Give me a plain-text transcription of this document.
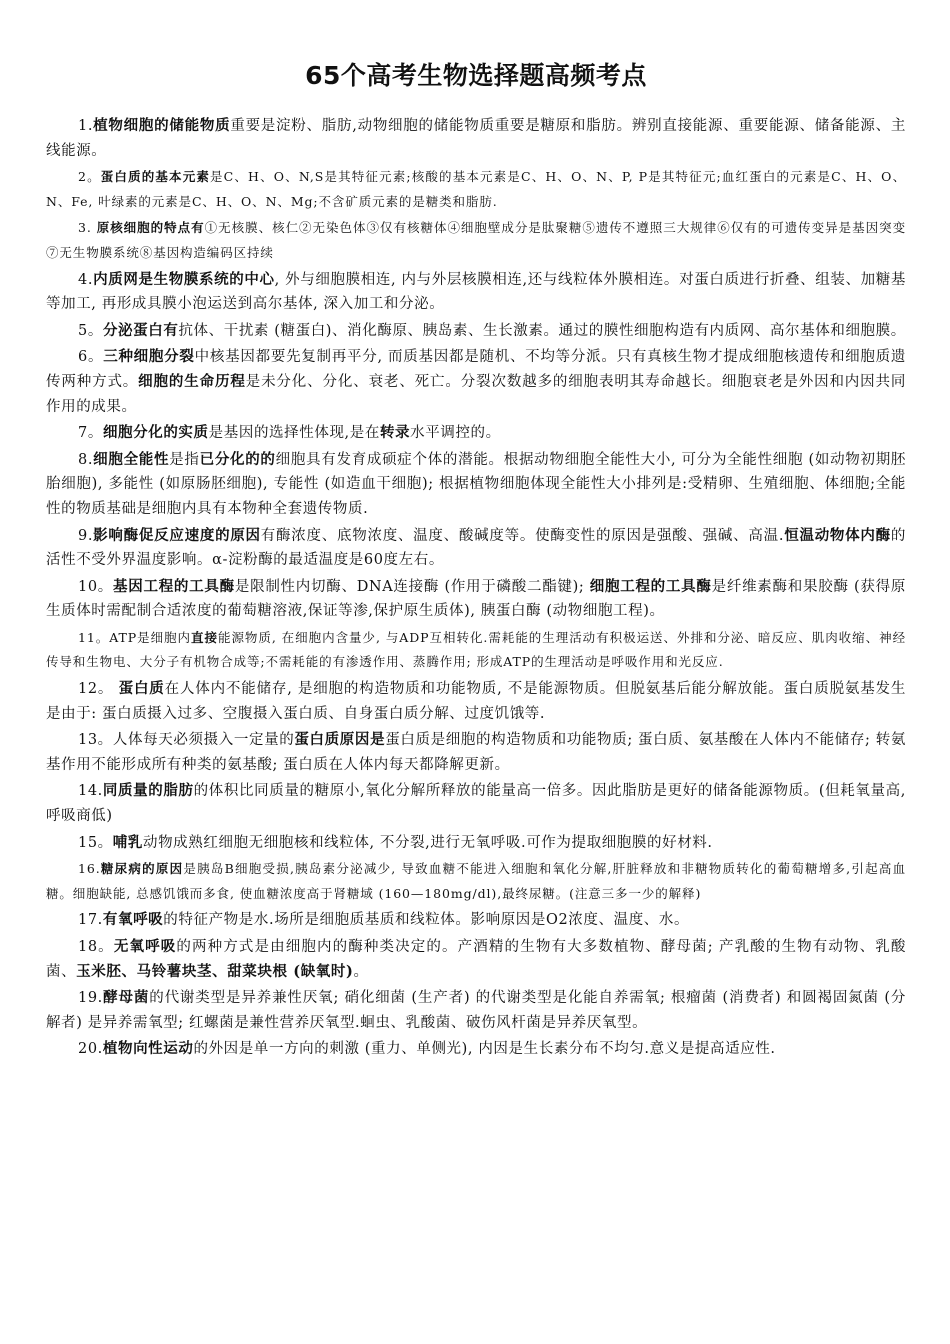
65个高考生物选择题高频考点

1.植物细胞的储能物质重要是淀粉、脂肪,动物细胞的储能物质重要是糖原和脂肪。辨别直接能源、重要能源、储备能源、主线能源。

2。蛋白质的基本元素是C、H、O、N,S是其特征元素;核酸的基本元素是C、H、O、N、P, P是其特征元;血红蛋白的元素是C、H、O、N、Fe, 叶绿素的元素是C、H、O、N、Mg;不含矿质元素的是糖类和脂肪.

3. 原核细胞的特点有①无核膜、核仁②无染色体③仅有核糖体④细胞壁成分是肽聚糖⑤遗传不遵照三大规律⑥仅有的可遗传变异是基因突变⑦无生物膜系统⑧基因构造编码区持续

4.内质网是生物膜系统的中心, 外与细胞膜相连, 内与外层核膜相连,还与线粒体外膜相连。对蛋白质进行折叠、组装、加糖基等加工, 再形成具膜小泡运送到高尔基体, 深入加工和分泌。

5。分泌蛋白有抗体、干扰素 (糖蛋白)、消化酶原、胰岛素、生长激素。通过的膜性细胞构造有内质网、高尔基体和细胞膜。

6。三种细胞分裂中核基因都要先复制再平分, 而质基因都是随机、不均等分派。只有真核生物才提成细胞核遗传和细胞质遗传两种方式。细胞的生命历程是未分化、分化、衰老、死亡。分裂次数越多的细胞表明其寿命越长。细胞衰老是外因和内因共同作用的成果。

7。细胞分化的实质是基因的选择性体现,是在转录水平调控的。

8.细胞全能性是指已分化的的细胞具有发育成硕症个体的潜能。根据动物细胞全能性大小, 可分为全能性细胞 (如动物初期胚胎细胞), 多能性 (如原肠胚细胞), 专能性 (如造血干细胞); 根据植物细胞体现全能性大小排列是:受精卵、生殖细胞、体细胞;全能性的物质基础是细胞内具有本物种全套遗传物质.

9.影响酶促反应速度的原因有酶浓度、底物浓度、温度、酸碱度等。使酶变性的原因是强酸、强碱、高温.恒温动物体内酶的活性不受外界温度影响。α-淀粉酶的最适温度是60度左右。

10。基因工程的工具酶是限制性内切酶、DNA连接酶 (作用于磷酸二酯键); 细胞工程的工具酶是纤维素酶和果胶酶 (获得原生质体时需配制合适浓度的葡萄糖溶液,保证等渗,保护原生质体), 胰蛋白酶 (动物细胞工程)。

11。ATP是细胞内直接能源物质, 在细胞内含量少, 与ADP互相转化.需耗能的生理活动有积极运送、外排和分泌、暗反应、肌肉收缩、神经传导和生物电、大分子有机物合成等;不需耗能的有渗透作用、蒸腾作用; 形成ATP的生理活动是呼吸作用和光反应.

12。 蛋白质在人体内不能储存, 是细胞的构造物质和功能物质, 不是能源物质。但脱氨基后能分解放能。蛋白质脱氨基发生是由于: 蛋白质摄入过多、空腹摄入蛋白质、自身蛋白质分解、过度饥饿等.

13。人体每天必须摄入一定量的蛋白质原因是蛋白质是细胞的构造物质和功能物质; 蛋白质、氨基酸在人体内不能储存; 转氨基作用不能形成所有种类的氨基酸; 蛋白质在人体内每天都降解更新。

14.同质量的脂肪的体积比同质量的糖原小,氧化分解所释放的能量高一倍多。因此脂肪是更好的储备能源物质。(但耗氧量高,呼吸商低)

15。哺乳动物成熟红细胞无细胞核和线粒体, 不分裂,进行无氧呼吸.可作为提取细胞膜的好材料.

16.糖尿病的原因是胰岛B细胞受损,胰岛素分泌减少, 导致血糖不能进入细胞和氧化分解,肝脏释放和非糖物质转化的葡萄糖增多,引起高血糖。细胞缺能, 总感饥饿而多食, 使血糖浓度高于肾糖域 (160—180mg/dl),最终尿糖。(注意三多一少的解释)

17.有氧呼吸的特征产物是水.场所是细胞质基质和线粒体。影响原因是O2浓度、温度、水。

18。无氧呼吸的两种方式是由细胞内的酶种类决定的。产酒精的生物有大多数植物、酵母菌; 产乳酸的生物有动物、乳酸菌、玉米胚、马铃薯块茎、甜菜块根 (缺氧时)。

19.酵母菌的代谢类型是异养兼性厌氧; 硝化细菌 (生产者) 的代谢类型是化能自养需氧; 根瘤菌 (消费者) 和圆褐固氮菌 (分解者) 是异养需氧型; 红螺菌是兼性营养厌氧型.蛔虫、乳酸菌、破伤风杆菌是异养厌氧型。

20.植物向性运动的外因是单一方向的刺激 (重力、单侧光), 内因是生长素分布不均匀.意义是提高适应性.
